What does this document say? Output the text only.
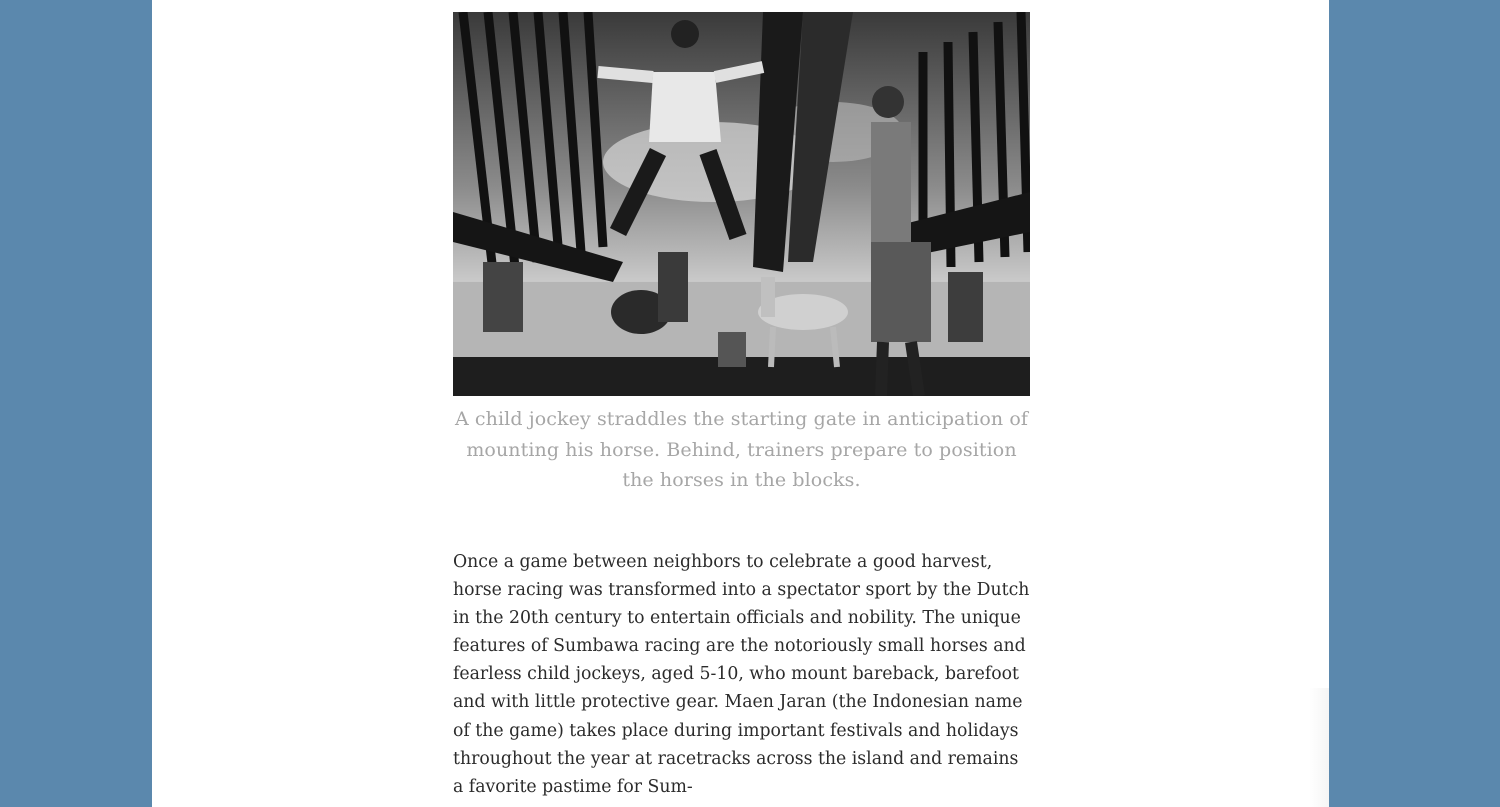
A child jockey straddles the starting gate in anticipation of mounting his horse. Behind, trainers prepare to position the horses in the blocks.

Once a game between neighbors to celebrate a good harvest, horse racing was transformed into a spectator sport by the Dutch in the 20th century to entertain officials and nobility. The unique features of Sumbawa racing are the notoriously small horses and fearless child jockeys, aged 5-10, who mount bareback, barefoot and with little protective gear. Maen Jaran (the Indonesian name of the game) takes place during important festivals and holidays throughout the year at racetracks across the island and remains a favorite pastime for Sum-
